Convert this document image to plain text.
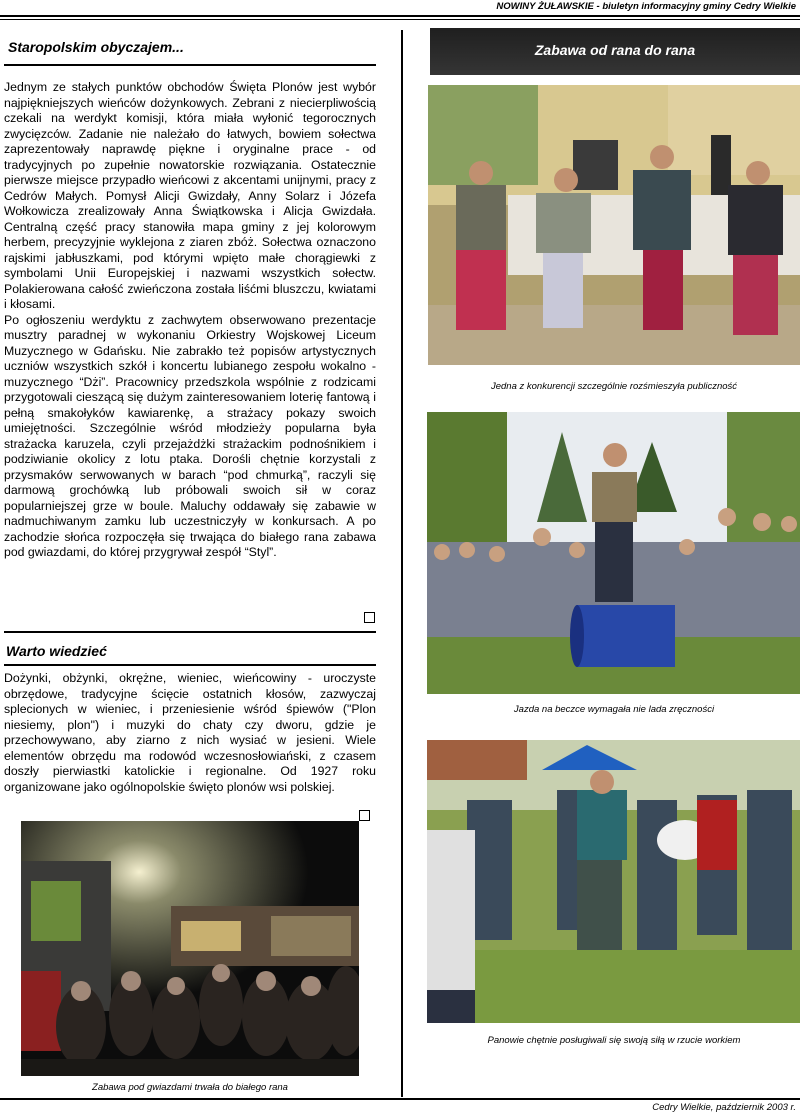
NOWINY ŻUŁAWSKIE - biuletyn informacyjny gminy Cedry Wielkie
Staropolskim obyczajem...

Jednym ze stałych punktów obchodów Święta Plonów jest wybór najpiękniejszych wieńców dożynkowych. Zebrani z niecierpliwością czekali na werdykt komisji, która miała wyłonić tegorocznych zwycięzców. Zadanie nie należało do łatwych, bowiem sołectwa zaprezentowały naprawdę piękne i oryginalne prace - od tradycyjnych po zupełnie nowatorskie rozwiązania. Ostatecznie pierwsze miejsce przypadło wieńcowi z akcentami unijnymi, pracy z Cedrów Małych. Pomysł Alicji Gwizdały, Anny Solarz i Józefa Wołkowicza zrealizowały Anna Świątkowska i Alicja Gwizdała. Centralną część pracy stanowiła mapa gminy z jej kolorowym herbem, precyzyjnie wyklejona z ziaren zbóż. Sołectwa oznaczono rajskimi jabłuszkami, pod którymi wpięto małe chorągiewki z symbolami Unii Europejskiej i nazwami wszystkich sołectw. Polakierowana całość zwieńczona została liśćmi bluszczu, kwiatami i kłosami.

Po ogłoszeniu werdyktu z zachwytem obserwowano prezentacje musztry paradnej w wykonaniu Orkiestry Wojskowej Liceum Muzycznego w Gdańsku. Nie zabrakło też popisów artystycznych uczniów wszystkich szkół i koncertu lubianego zespołu wokalno - muzycznego “Dżi”. Pracownicy przedszkola wspólnie z rodzicami przygotowali cieszącą się dużym zainteresowaniem loterię fantową i pełną smakołyków kawiarenkę, a strażacy pokazy swoich umiejętności. Szczególnie wśród młodzieży popularna była strażacka karuzela, czyli przejażdżki strażackim podnośnikiem i podziwianie okolicy z lotu ptaka. Dorośli chętnie korzystali z przysmaków serwowanych w barach “pod chmurką”, raczyli się darmową grochówką lub próbowali swoich sił w coraz popularniejszej grze w boule. Maluchy oddawały się zabawie w nadmuchiwanym zamku lub uczestniczyły w konkursach. A po zachodzie słońca rozpoczęła się trwająca do białego rana zabawa pod gwiazdami, do której przygrywał zespół “Styl”.

Warto wiedzieć

Dożynki, obżynki, okrężne, wieniec, wieńcowiny - uroczyste obrzędowe, tradycyjne ścięcie ostatnich kłosów, zazwyczaj splecionych w wieniec, i przeniesienie wśród śpiewów ("Plon niesiemy, plon") i muzyki do chaty czy dworu, gdzie je przechowywano, aby ziarno z nich wysiać w jesieni. Wiele elementów obrzędu ma rodowód wczesnosłowiański, z czasem doszły pierwiastki katolickie i regionalne. Od 1927 roku organizowane jako ogólnopolskie święto plonów wsi polskiej.

Zabawa pod gwiazdami trwała do białego rana
Zabawa od rana do rana
Jedna z konkurencji szczególnie rozśmieszyła publiczność
Jazda na beczce wymagała nie lada zręczności
Panowie chętnie posługiwali się swoją siłą w rzucie workiem
Cedry Wielkie, październik 2003 r.
